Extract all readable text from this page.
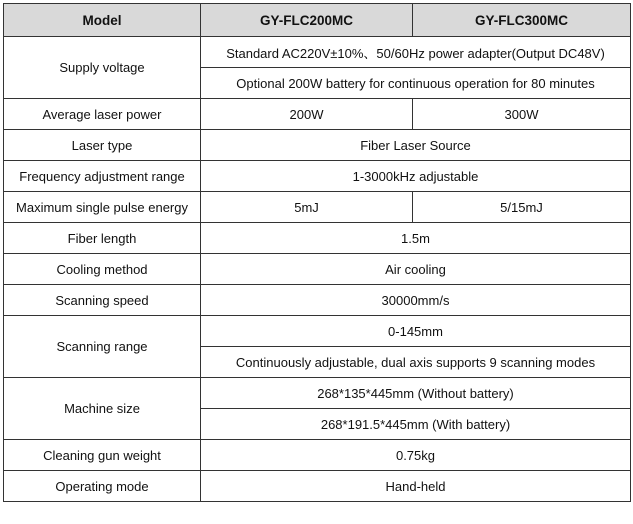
Model	GY-FLC200MC	GY-FLC300MC
Supply voltage	Standard AC220V±10%、50/60Hz power adapter(Output DC48V)	
	Optional 200W battery for continuous operation for 80 minutes	
Average laser power	200W	300W
Laser type	Fiber Laser Source	
Frequency adjustment range	1-3000kHz adjustable	
Maximum single pulse energy	5mJ	5/15mJ
Fiber length	1.5m	
Cooling method	Air cooling	
Scanning speed	30000mm/s	
Scanning range	0-145mm	
	Continuously adjustable, dual axis supports 9 scanning modes	
Machine size	268*135*445mm (Without battery)	
	268*191.5*445mm (With battery)	
Cleaning gun weight	0.75kg	
Operating mode	Hand-held	
